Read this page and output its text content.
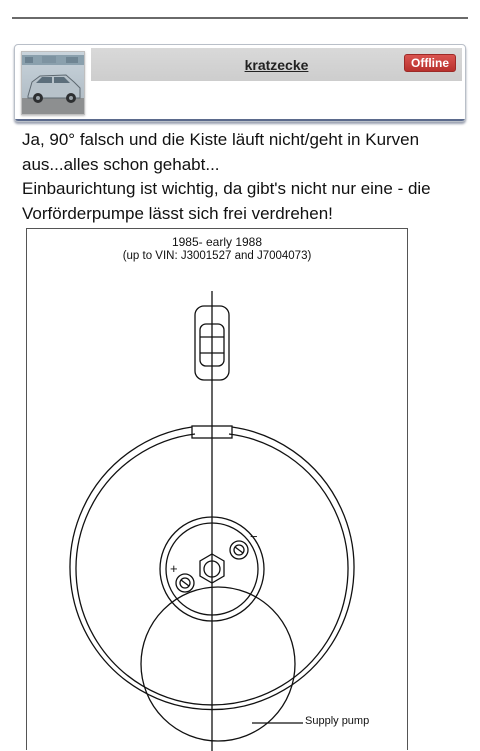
kratzecke	Offline

Ja, 90° falsch und die Kiste läuft nicht/geht in Kurven aus...alles schon gehabt...

Einbaurichtung ist wichtig, da gibt's nicht nur eine - die Vorförderpumpe lässt sich frei verdrehen!

1985- early 1988
(up to VIN: J3001527 and J7004073)
+
−
Supply pump
